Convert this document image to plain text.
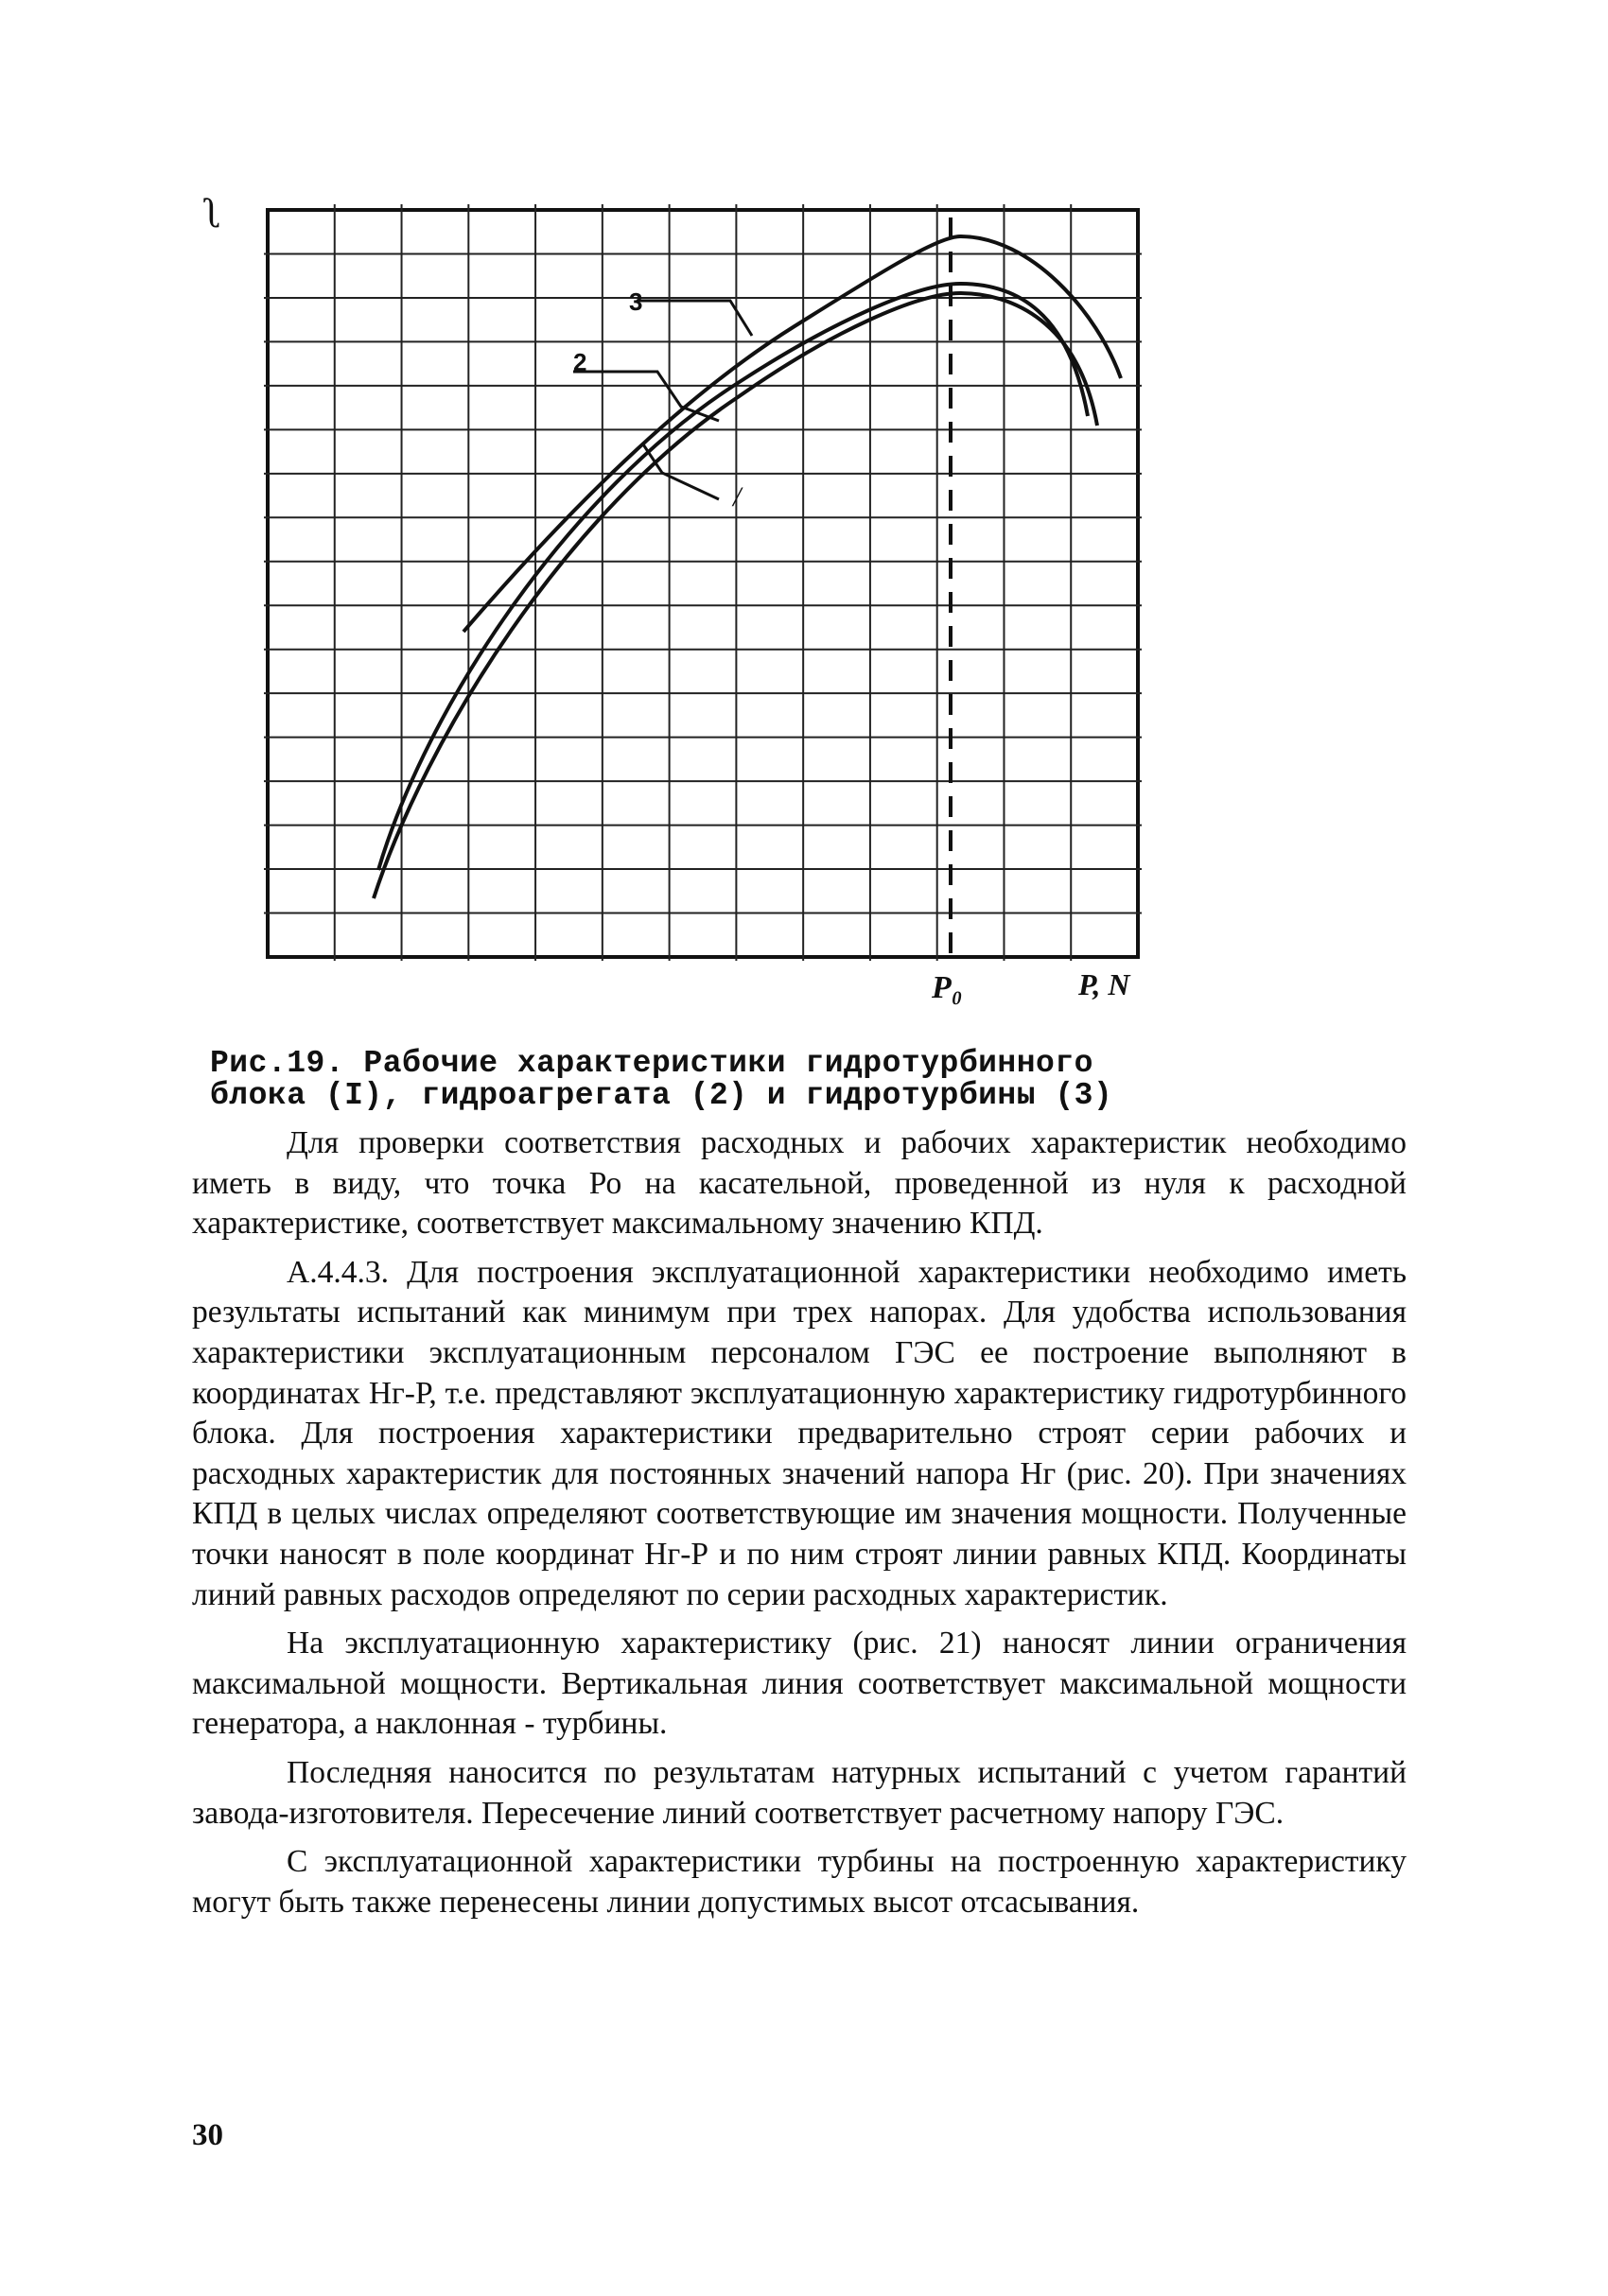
ʅ
3
2
/
P₀	P, N
Рис.19. Рабочие характеристики гидротурбинного
блока (I), гидроагрегата (2) и гидротурбины (3)

Для проверки соответствия расходных и рабочих характеристик необходимо иметь в виду, что точка Ро на касательной, проведенной из нуля к расходной характеристике, соответствует максимальному значению КПД.

А.4.4.3. Для построения эксплуатационной характеристики необходимо иметь результаты испытаний как минимум при трех напорах. Для удобства использования характеристики эксплуатационным персоналом ГЭС ее построение выполняют в координатах Нг-Р, т.е. представляют эксплуатационную характеристику гидротурбинного блока. Для построения характеристики предварительно строят серии рабочих и расходных характеристик для постоянных значений напора Нг (рис. 20). При значениях КПД в целых числах определяют соответствующие им значения мощности. Полученные точки наносят в поле координат Нг-Р и по ним строят линии равных КПД. Координаты линий равных расходов определяют по серии расходных характеристик.

На эксплуатационную характеристику (рис. 21) наносят линии ограничения максимальной мощности. Вертикальная линия соответствует максимальной мощности генератора, а наклонная - турбины.

Последняя наносится по результатам натурных испытаний с учетом гарантий завода-изготовителя. Пересечение линий соответствует расчетному напору ГЭС.

С эксплуатационной характеристики турбины на построенную характеристику могут быть также перенесены линии допустимых высот отсасывания.

30
